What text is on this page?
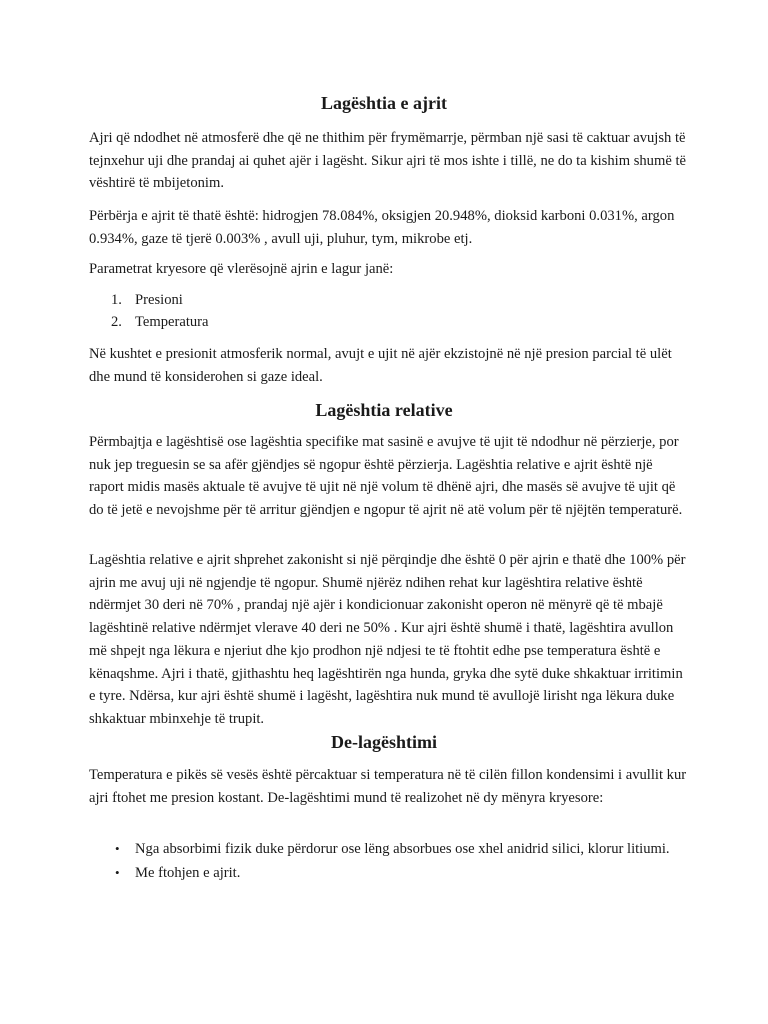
Lagështia e ajrit

Ajri që ndodhet në atmosferë dhe që ne thithim për frymëmarrje, përmban një sasi të caktuar avujsh të tejnxehur uji dhe prandaj ai quhet ajër i lagësht. Sikur ajri të mos ishte i tillë, ne do ta kishim shumë të vështirë të mbijetonim.

Përbërja e ajrit të thatë është: hidrogjen 78.084%, oksigjen 20.948%, dioksid karboni 0.031%, argon 0.934%, gaze të tjerë 0.003% , avull uji, pluhur, tym, mikrobe etj.

Parametrat kryesore që vlerësojnë ajrin e lagur janë:

1. Presioni
2. Temperatura

Në kushtet e presionit atmosferik normal, avujt e ujit në ajër ekzistojnë në një presion parcial të ulët dhe mund të konsiderohen si gaze ideal.

Lagështia relative

Përmbajtja e lagështisë ose lagështia specifike mat sasinë e avujve të ujit të ndodhur në përzierje, por nuk jep treguesin se sa afër gjëndjes së ngopur është përzierja. Lagështia relative e ajrit është një raport midis masës aktuale të avujve të ujit në një volum të dhënë ajri, dhe masës së avujve të ujit që do të jetë e nevojshme për të arritur gjëndjen e ngopur të ajrit në atë volum për të njëjtën temperaturë.

Lagështia relative e ajrit shprehet zakonisht si një përqindje dhe është 0 për ajrin e thatë dhe 100% për ajrin me avuj uji në ngjendje të ngopur. Shumë njërëz ndihen rehat kur lagështira relative është ndërmjet 30 deri në 70% , prandaj një ajër i kondicionuar zakonisht operon në mënyrë që të mbajë lagështinë relative ndërmjet vlerave 40 deri ne 50% . Kur ajri është shumë i thatë, lagështira avullon më shpejt nga lëkura e njeriut dhe kjo prodhon një ndjesi te të ftohtit edhe pse temperatura është e kënaqshme. Ajri i thatë, gjithashtu heq lagështirën nga hunda, gryka dhe sytë duke shkaktuar irritimin e tyre. Ndërsa, kur ajri është shumë i lagësht, lagështira nuk mund të avullojë lirisht nga lëkura duke shkaktuar mbinxehje të trupit.

De-lagështimi

Temperatura e pikës së vesës është përcaktuar si temperatura në të cilën fillon kondensimi i avullit kur ajri ftohet me presion kostant. De-lagështimi mund të realizohet në dy mënyra kryesore:

• Nga absorbimi fizik duke përdorur ose lëng absorbues ose xhel anidrid silici, klorur litiumi.
• Me ftohjen e ajrit.
